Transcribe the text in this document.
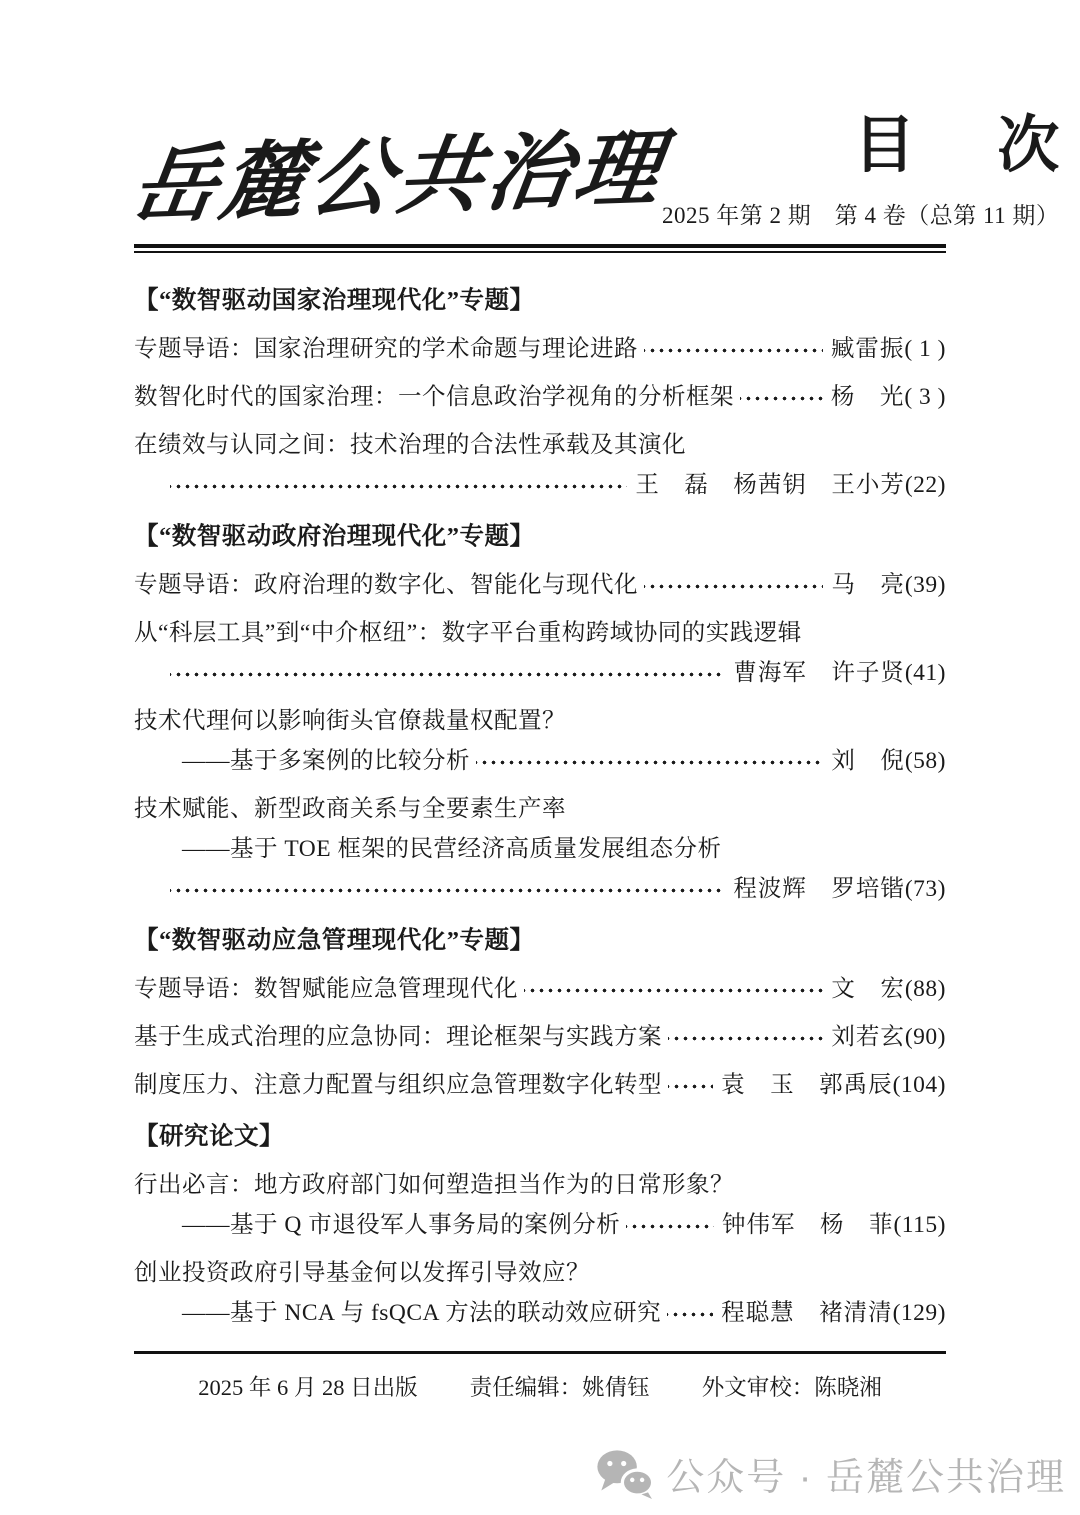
岳麓公共治理	目　次
2025 年第 2 期　第 4 卷（总第 11 期）
【“数智驱动国家治理现代化”专题】
专题导语：国家治理研究的学术命题与理论进路	臧雷振( 1 )
数智化时代的国家治理：一个信息政治学视角的分析框架	杨　光( 3 )
在绩效与认同之间：技术治理的合法性承载及其演化
王　磊　杨茜钥　王小芳(22)
【“数智驱动政府治理现代化”专题】
专题导语：政府治理的数字化、智能化与现代化	马　亮(39)
从“科层工具”到“中介枢纽”：数字平台重构跨域协同的实践逻辑
曹海军　许子贤(41)
技术代理何以影响街头官僚裁量权配置？
——基于多案例的比较分析	刘　倪(58)
技术赋能、新型政商关系与全要素生产率
——基于 TOE 框架的民营经济高质量发展组态分析
程波辉　罗培锴(73)
【“数智驱动应急管理现代化”专题】
专题导语：数智赋能应急管理现代化	文　宏(88)
基于生成式治理的应急协同：理论框架与实践方案	刘若玄(90)
制度压力、注意力配置与组织应急管理数字化转型	袁　玉　郭禹辰(104)
【研究论文】
行出必言：地方政府部门如何塑造担当作为的日常形象？
——基于 Q 市退役军人事务局的案例分析	钟伟军　杨　菲(115)
创业投资政府引导基金何以发挥引导效应？
——基于 NCA 与 fsQCA 方法的联动效应研究	程聪慧　褚清清(129)
2025 年 6 月 28 日出版 责任编辑：姚倩钰 外文审校：陈晓湘
公众号 · 岳麓公共治理
